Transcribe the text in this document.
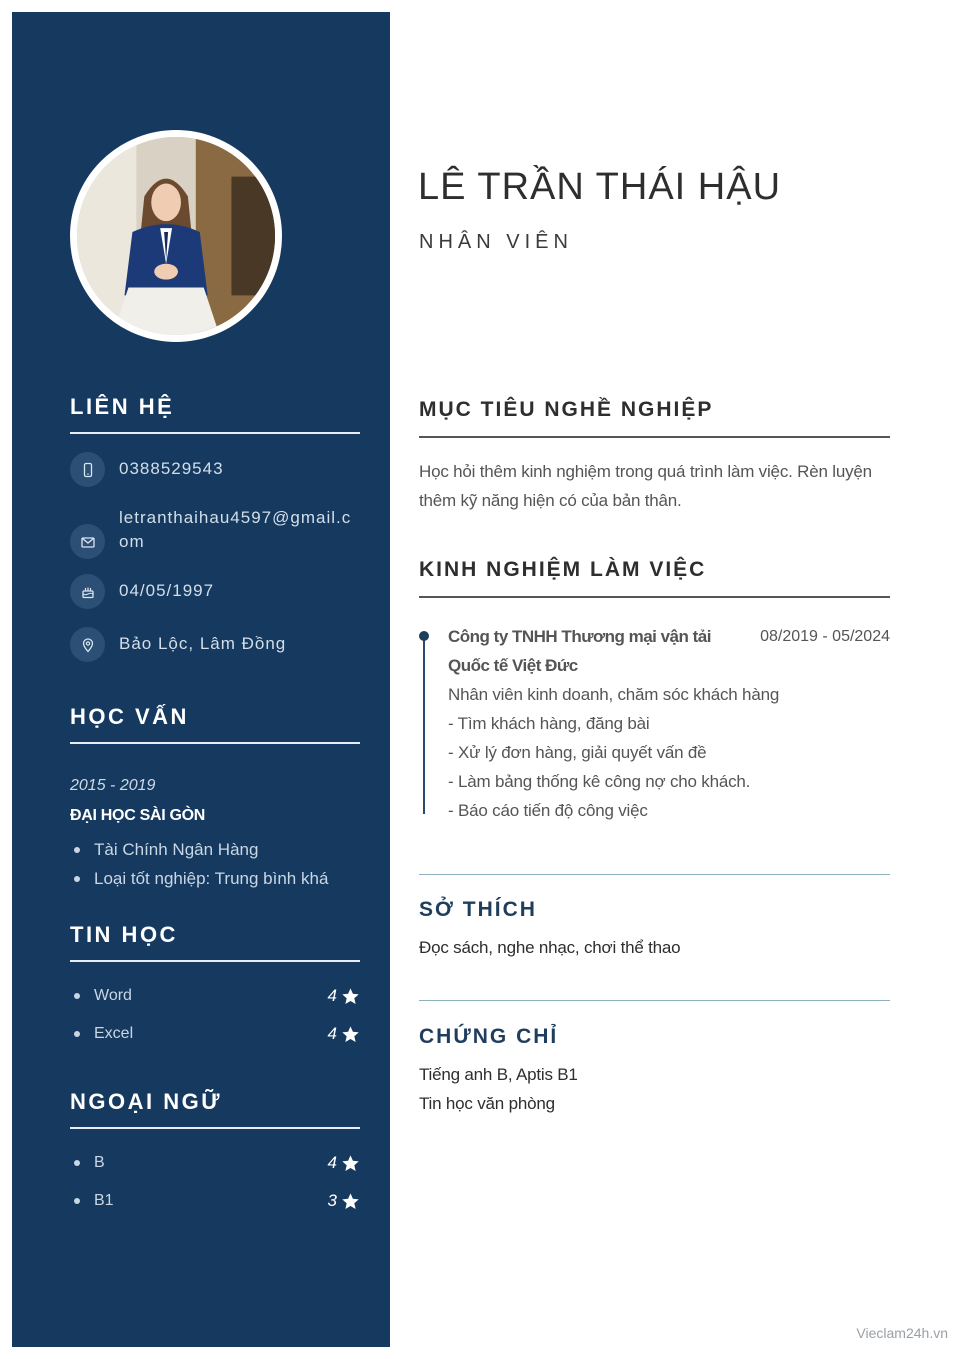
LIÊN HỆ
0388529543
letranthaihau4597@gmail.com
04/05/1997
Bảo Lộc, Lâm Đồng
HỌC VẤN
2015 - 2019
ĐẠI HỌC SÀI GÒN
Tài Chính Ngân Hàng
Loại tốt nghiệp: Trung bình khá
TIN HỌC
Word	4
Excel	4
NGOẠI NGỮ
B	4
B1	3
LÊ TRẦN THÁI HẬU
NHÂN VIÊN
MỤC TIÊU NGHỀ NGHIỆP
Học hỏi thêm kinh nghiệm trong quá trình làm việc. Rèn luyện thêm kỹ năng hiện có của bản thân.
KINH NGHIỆM LÀM VIỆC
Công ty TNHH Thương mại vận tải Quốc tế Việt Đức
08/2019 - 05/2024
Nhân viên kinh doanh, chăm sóc khách hàng
- Tìm khách hàng, đăng bài
- Xử lý đơn hàng, giải quyết vấn đề
- Làm bảng thống kê công nợ cho khách.
- Báo cáo tiến độ công việc
SỞ THÍCH
Đọc sách, nghe nhạc, chơi thể thao
CHỨNG CHỈ
Tiếng anh B, Aptis B1
Tin học văn phòng
Vieclam24h.vn
